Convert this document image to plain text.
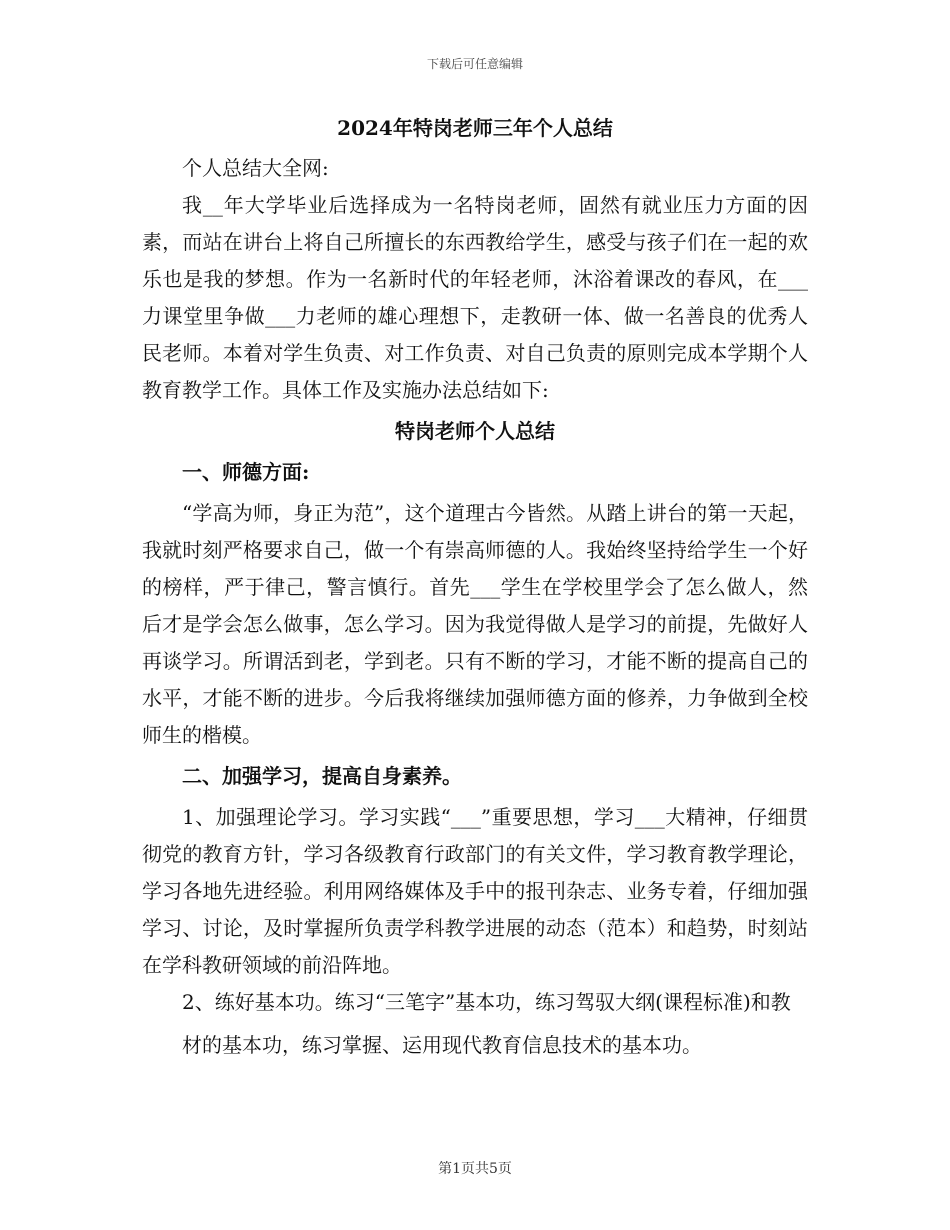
下载后可任意编辑
2024年特岗老师三年个人总结

个人总结大全网:

我__年大学毕业后选择成为一名特岗老师，固然有就业压力方面的因素，而站在讲台上将自己所擅长的东西教给学生，感受与孩子们在一起的欢乐也是我的梦想。作为一名新时代的年轻老师，沐浴着课改的春风，在___力课堂里争做___力老师的雄心理想下，走教研一体、做一名善良的优秀人民老师。本着对学生负责、对工作负责、对自己负责的原则完成本学期个人教育教学工作。具体工作及实施办法总结如下:

特岗老师个人总结
一、师德方面:

“学高为师，身正为范”，这个道理古今皆然。从踏上讲台的第一天起，我就时刻严格要求自己，做一个有崇高师德的人。我始终坚持给学生一个好的榜样，严于律己，警言慎行。首先___学生在学校里学会了怎么做人，然后才是学会怎么做事，怎么学习。因为我觉得做人是学习的前提，先做好人再谈学习。所谓活到老，学到老。只有不断的学习，才能不断的提高自己的水平，才能不断的进步。今后我将继续加强师德方面的修养，力争做到全校师生的楷模。

二、加强学习，提高自身素养。

1、加强理论学习。学习实践“___”重要思想，学习___大精神，仔细贯彻党的教育方针，学习各级教育行政部门的有关文件，学习教育教学理论，学习各地先进经验。利用网络媒体及手中的报刊杂志、业务专着，仔细加强学习、讨论，及时掌握所负责学科教学进展的动态（范本）和趋势，时刻站在学科教研领域的前沿阵地。

2、练好基本功。练习“三笔字”基本功，练习驾驭大纲(课程标准)和教

材的基本功，练习掌握、运用现代教育信息技术的基本功。

第1页共5页
